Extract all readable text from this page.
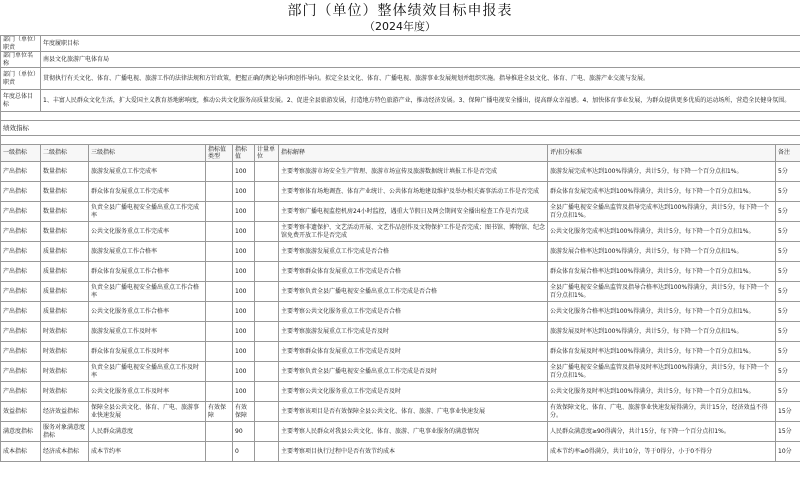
部门（单位）整体绩效目标申报表
（2024年度）
部门（单位）职责	年度履职目标
部门单位名称	南县文化旅游广电体育局
部门（单位）职责	贯彻执行有关文化、体育、广播电视、旅游工作的法律法规和方针政策，把握正确的舆论导向和创作导向。拟定全县文化、体育、广播电视、旅游事业发展规划并组织实施。指导推进全县文化、体育、广电、旅游产业交流与发展。
年度总体目标	1、丰富人民群众文化生活，扩大爱国主义教育基地影响度，推动公共文化服务高质量发展。2、促进全县旅游发展，打造地方特色旅游产业，推动经济发展。3、保障广播电视安全播出，提高群众幸福感。4、加快体育事业发展，为群众提供更多优质的运动场所，营造全民健身氛围。

绩效指标								

一级指标	二级指标	三级指标	指标值类型	指标值	计量单位	指标解释	评/扣分标准	备注
产出指标	数量指标	旅游发展重点工作完成率		100		主要考察旅游市场安全生产管理、旅游市场宣传及旅游数据统计填报工作是否完成	旅游发展完成率达到100%得满分，共计5分，每下降一个百分点扣1%。	5分
产出指标	数量指标	群众体育发展重点工作完成率		100		主要考察体育场地调查、体育产业统计、公共体育场地建设维护及举办相关赛事活动工作是否完成	群众体育发展完成率达到100%得满分，共计5分，每下降一个百分点扣1%。	5分
产出指标	数量指标	负责全县广播电视安全播出重点工作完成率		100		主要考察广播电视监控机房24小时监控，遇重大节假日及两会期间安全播出检查工作是否完成	全县广播电视安全播出监管及指导完成率达到100%得满分，共计5分，每下降一个百分点扣1%。	5分
产出指标	数量指标	公共文化服务重点工作完成率		100		主要考察非遗保护、文艺活动开展、文艺作品创作及文物保护工作是否完成；图书馆、博物馆、纪念馆免费开放工作是否完成	公共文化服务完成率达到100%得满分，共计5分，每下降一个百分点扣1%。	5分
产出指标	质量指标	旅游发展重点工作合格率		100		主要考察旅游发展重点工作完成是否合格	旅游发展合格率达到100%得满分，共计5分，每下降一个百分点扣1%。	5分
产出指标	质量指标	群众体育发展重点工作合格率		100		主要考察群众体育发展重点工作完成是否合格	群众体育发展合格率达到100%得满分，共计5分，每下降一个百分点扣1%。	5分
产出指标	质量指标	负责全县广播电视安全播出重点工作合格率		100		主要考察负责全县广播电视安全播出重点工作完成是否合格	全县广播电视安全播出监管及指导合格率达到100%得满分，共计5分，每下降一个百分点扣1%。	5分
产出指标	质量指标	公共文化服务重点工作合格率		100		主要考察公共文化服务重点工作完成是否合格	公共文化服务合格率达到100%得满分，共计5分，每下降一个百分点扣1%。	5分
产出指标	时效指标	旅游发展重点工作及时率		100		主要考察旅游发展重点工作完成是否及时	旅游发展及时率达到100%得满分，共计5分，每下降一个百分点扣1%。	5分
产出指标	时效指标	群众体育发展重点工作及时率		100		主要考察群众体育发展重点工作完成是否及时	群众体育发展及时率达到100%得满分，共计5分，每下降一个百分点扣1%。	5分
产出指标	时效指标	负责全县广播电视安全播出重点工作及时率		100		主要考察负责全县广播电视安全播出重点工作完成是否及时	全县广播电视安全播出监管及指导及时率达到100%得满分，共计5分，每下降一个百分点扣1%。	5分
产出指标	时效指标	公共文化服务重点工作及时率		100		主要考察公共文化服务重点工作完成是否及时	公共文化服务及时率达到100%得满分，共计5分，每下降一个百分点扣1%。	5分
效益指标	经济效益指标	保障全县公共文化、体育、广电、旅游事业快速发展	有效保障	有效保障		主要考察该项目是否有效保障全县公共文化、体育、旅游、广电事业快速发展	有效保障文化、体育、广电、旅游事业快速发展得满分，共计15分，经济效益不得分。	15分
满意度指标	服务对象满意度指标	人民群众满意度		90		主要考察人民群众对我县公共文化、体育、旅游、广电事业服务的满意情况	人民群众满意度≥90得满分，共计15分，每下降一个百分点扣1%。	15分
成本指标	经济成本指标	成本节约率		0		主要考察项目执行过程中是否有效节约成本	成本节约率≥0得满分，共计10分，等于0得分，小于0不得分	10分
